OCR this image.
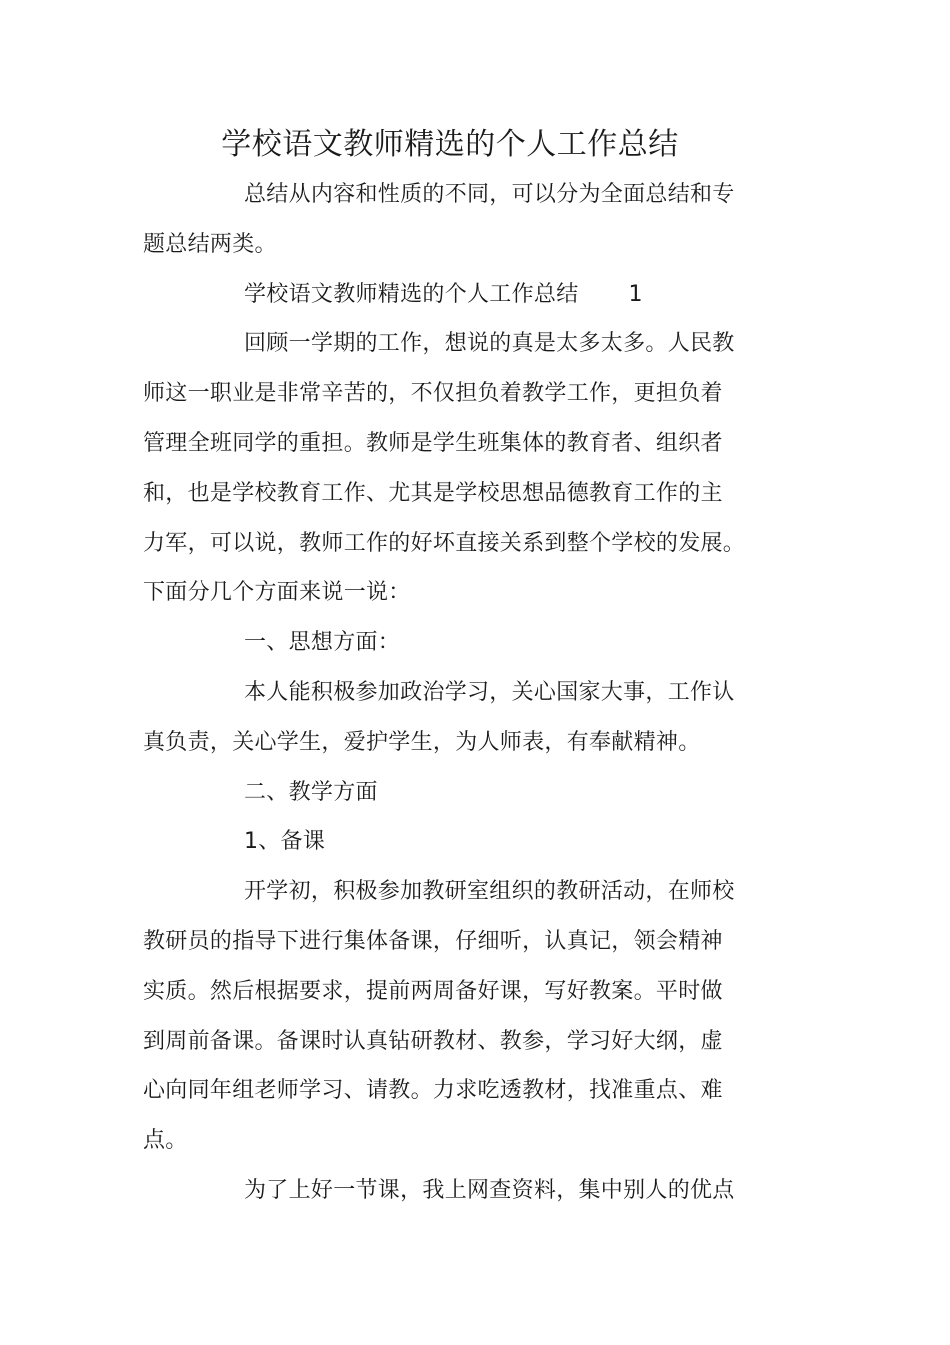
学校语文教师精选的个人工作总结

总结从内容和性质的不同，可以分为全面总结和专

题总结两类。

学校语文教师精选的个人工作总结 1

回顾一学期的工作，想说的真是太多太多。人民教

师这一职业是非常辛苦的，不仅担负着教学工作，更担负着

管理全班同学的重担。教师是学生班集体的教育者、组织者

和，也是学校教育工作、尤其是学校思想品德教育工作的主

力军，可以说，教师工作的好坏直接关系到整个学校的发展。

下面分几个方面来说一说：

一、思想方面：

本人能积极参加政治学习，关心国家大事，工作认

真负责，关心学生，爱护学生，为人师表，有奉献精神。

二、教学方面

1、备课

开学初，积极参加教研室组织的教研活动，在师校

教研员的指导下进行集体备课，仔细听，认真记，领会精神

实质。然后根据要求，提前两周备好课，写好教案。平时做

到周前备课。备课时认真钻研教材、教参，学习好大纲，虚

心向同年组老师学习、请教。力求吃透教材，找准重点、难

点。

为了上好一节课，我上网查资料，集中别人的优点
